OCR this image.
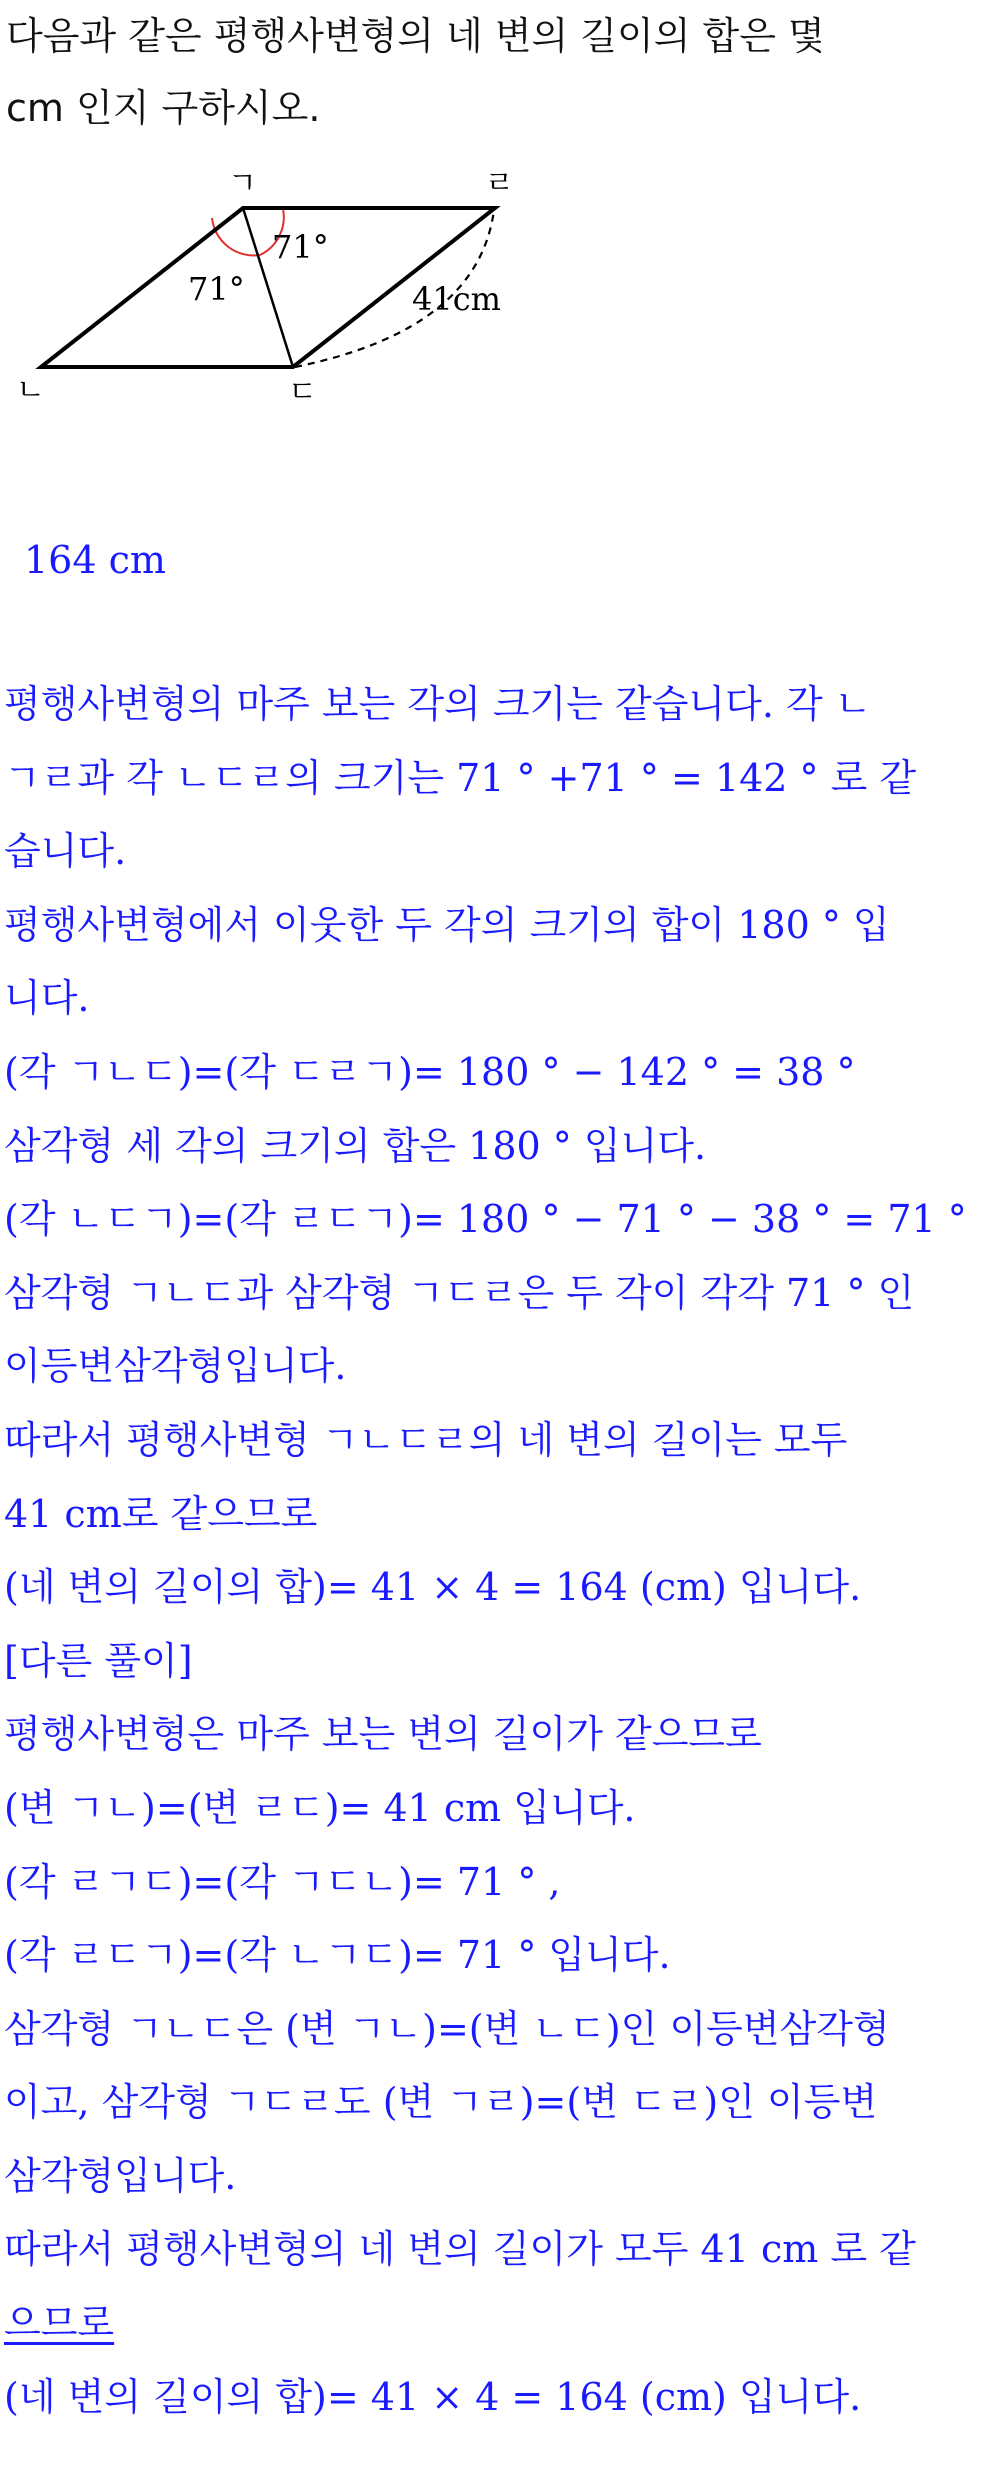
다음과 같은 평행사변형의 네 변의 길이의 합은 몇
cm 인지 구하시오.
ㄱ	ㄹ
ㄴ	ㄷ
71°
71°	41cm
164 cm
평행사변형의 마주 보는 각의 크기는 같습니다. 각 ㄴ
ㄱㄹ과 각 ㄴㄷㄹ의 크기는 71 ° +71 ° = 142 ° 로 같
습니다.
평행사변형에서 이웃한 두 각의 크기의 합이 180 ° 입
니다.
(각 ㄱㄴㄷ)=(각 ㄷㄹㄱ)= 180 ° − 142 ° = 38 °
삼각형 세 각의 크기의 합은 180 ° 입니다.
(각 ㄴㄷㄱ)=(각 ㄹㄷㄱ)= 180 ° − 71 ° − 38 ° = 71 °
삼각형 ㄱㄴㄷ과 삼각형 ㄱㄷㄹ은 두 각이 각각 71 ° 인
이등변삼각형입니다.
따라서 평행사변형 ㄱㄴㄷㄹ의 네 변의 길이는 모두
41 cm로 같으므로
(네 변의 길이의 합)= 41 × 4 = 164 (cm) 입니다.
[다른 풀이]
평행사변형은 마주 보는 변의 길이가 같으므로
(변 ㄱㄴ)=(변 ㄹㄷ)= 41 cm 입니다.
(각 ㄹㄱㄷ)=(각 ㄱㄷㄴ)= 71 ° ,
(각 ㄹㄷㄱ)=(각 ㄴㄱㄷ)= 71 ° 입니다.
삼각형 ㄱㄴㄷ은 (변 ㄱㄴ)=(변 ㄴㄷ)인 이등변삼각형
이고, 삼각형 ㄱㄷㄹ도 (변 ㄱㄹ)=(변 ㄷㄹ)인 이등변
삼각형입니다.
따라서 평행사변형의 네 변의 길이가 모두 41 cm 로 같
으므로
(네 변의 길이의 합)= 41 × 4 = 164 (cm) 입니다.
